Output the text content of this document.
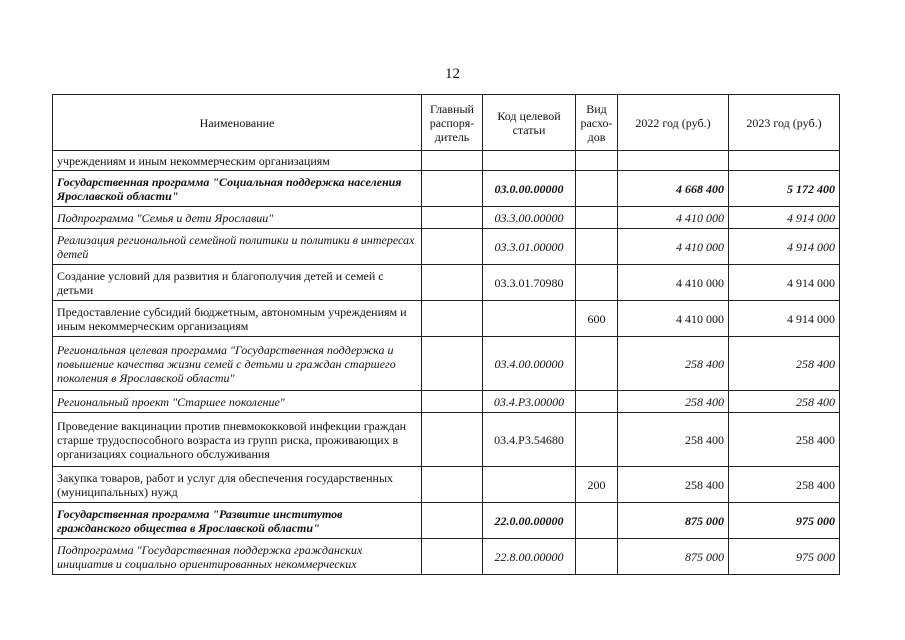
12
Наименование	Главный распоря-дитель	Код целевой статьи	Вид расхо-дов	2022 год (руб.)	2023 год (руб.)
учреждениям и иным некоммерческим организациям					
Государственная программа "Социальная поддержка населения Ярославской области"		03.0.00.00000		4 668 400	5 172 400
Подпрограмма "Семья и дети Ярославии"		03.3.00.00000		4 410 000	4 914 000
Реализация региональной семейной политики и политики в интересах детей		03.3.01.00000		4 410 000	4 914 000
Создание условий для развития и благополучия детей и семей с детьми		03.3.01.70980		4 410 000	4 914 000
Предоставление субсидий бюджетным, автономным учреждениям и иным некоммерческим организациям			600	4 410 000	4 914 000
Региональная целевая программа "Государственная поддержка и повышение качества жизни семей с детьми и граждан старшего поколения в Ярославской области"		03.4.00.00000		258 400	258 400
Региональный проект "Старшее поколение"		03.4.P3.00000		258 400	258 400
Проведение вакцинации против пневмококковой инфекции граждан старше трудоспособного возраста из групп риска, проживающих в организациях социального обслуживания		03.4.P3.54680		258 400	258 400
Закупка товаров, работ и услуг для обеспечения государственных (муниципальных) нужд			200	258 400	258 400
Государственная программа "Развитие институтов гражданского общества в Ярославской области"		22.0.00.00000		875 000	975 000
Подпрограмма "Государственная поддержка гражданских инициатив и социально ориентированных некоммерческих		22.8.00.00000		875 000	975 000
